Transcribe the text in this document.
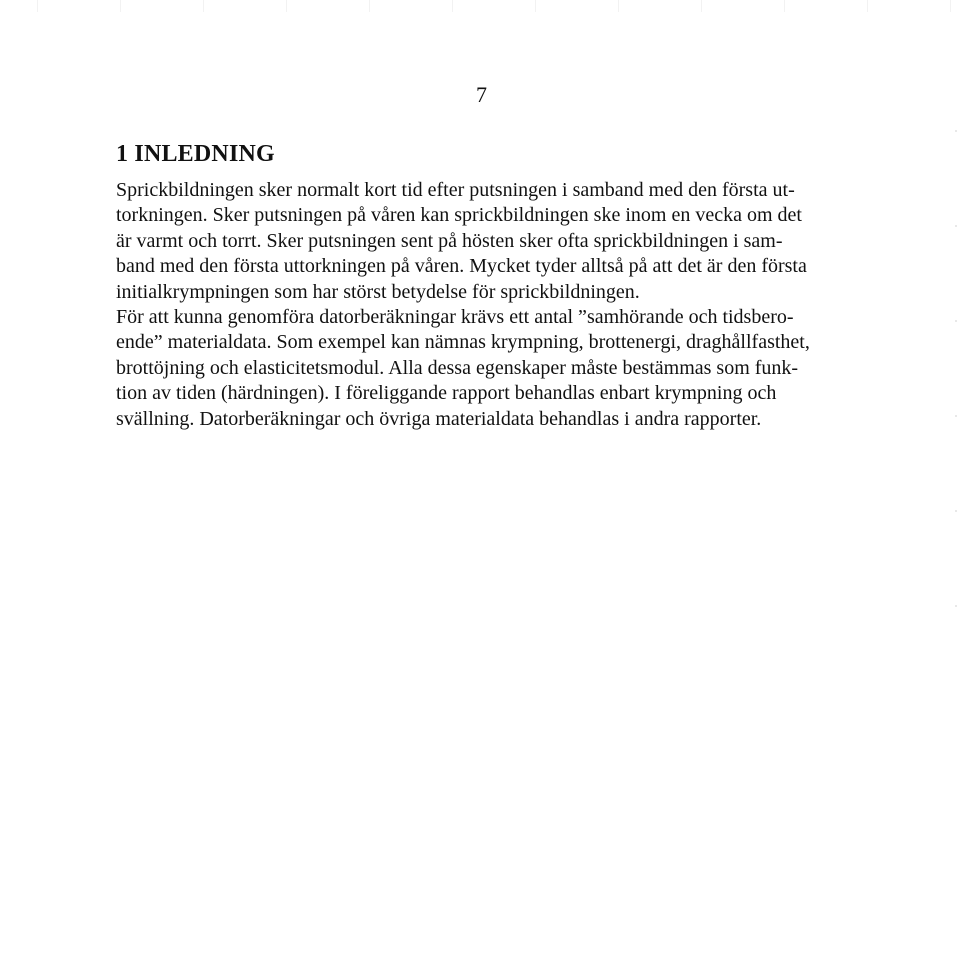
7
1 INLEDNING

Sprickbildningen sker normalt kort tid efter putsningen i samband med den första ut-
torkningen. Sker putsningen på våren kan sprickbildningen ske inom en vecka om det
är varmt och torrt. Sker putsningen sent på hösten sker ofta sprickbildningen i sam-
band med den första uttorkningen på våren. Mycket tyder alltså på att det är den första
initialkrympningen som har störst betydelse för sprickbildningen.

För att kunna genomföra datorberäkningar krävs ett antal ”samhörande och tidsbero-
ende” materialdata. Som exempel kan nämnas krympning, brottenergi, draghållfasthet,
brottöjning och elasticitetsmodul. Alla dessa egenskaper måste bestämmas som funk-
tion av tiden (härdningen). I föreliggande rapport behandlas enbart krympning och
svällning. Datorberäkningar och övriga materialdata behandlas i andra rapporter.
